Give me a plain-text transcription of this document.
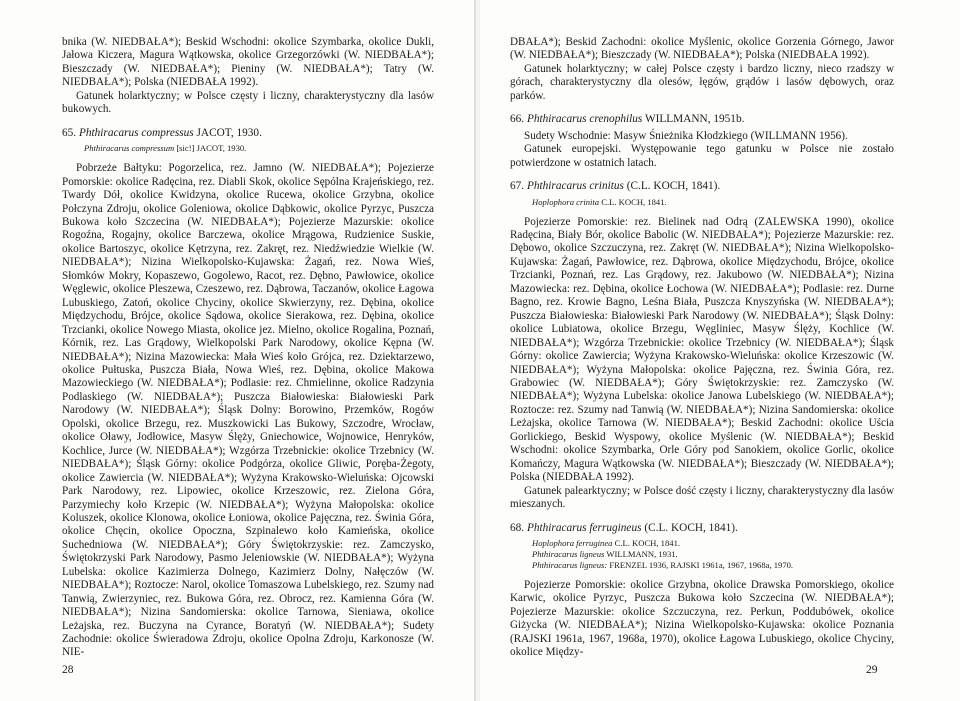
bnika (W. NIEDBAŁA*); Beskid Wschodni: okolice Szymbarka, okolice Dukli, Jałowa Kiczera, Magura Wątkowska, okolice Grzegorzówki (W. NIEDBAŁA*); Bieszczady (W. NIEDBAŁA*); Pieniny (W. NIEDBAŁA*); Tatry (W. NIEDBAŁA*); Polska (NIEDBAŁA 1992).

Gatunek holarktyczny; w Polsce częsty i liczny, charakterystyczny dla lasów bukowych.

65. Phthiracarus compressus JACOT, 1930.

Phthiracarus compressum [sic!] JACOT, 1930.

Pobrzeże Bałtyku: Pogorzelica, rez. Jamno (W. NIEDBAŁA*); Pojezierze Pomorskie: okolice Radęcina, rez. Diabli Skok, okolice Sępólna Krajeńskiego, rez. Twardy Dół, okolice Kwidzyna, okolice Rucewa, okolice Grzybna, okolice Połczyna Zdroju, okolice Goleniowa, okolice Dąbkowic, okolice Pyrzyc, Puszcza Bukowa koło Szczecina (W. NIEDBAŁA*); Pojezierze Mazurskie: okolice Rogoźna, Rogajny, okolice Barczewa, okolice Mrągowa, Rudzienice Suskie, okolice Bartoszyc, okolice Kętrzyna, rez. Zakręt, rez. Niedźwiedzie Wielkie (W. NIEDBAŁA*); Nizina Wielkopolsko-Kujawska: Żagań, rez. Nowa Wieś, Słomków Mokry, Kopaszewo, Gogolewo, Racot, rez. Dębno, Pawłowice, okolice Węglewic, okolice Pleszewa, Czeszewo, rez. Dąbrowa, Taczanów, okolice Łagowa Lubuskiego, Zatoń, okolice Chyciny, okolice Skwierzyny, rez. Dębina, okolice Międzychodu, Brójce, okolice Sądowa, okolice Sierakowa, rez. Dębina, okolice Trzcianki, okolice Nowego Miasta, okolice jez. Mielno, okolice Rogalina, Poznań, Kórnik, rez. Las Grądowy, Wielkopolski Park Narodowy, okolice Kępna (W. NIEDBAŁA*); Nizina Mazowiecka: Mała Wieś koło Grójca, rez. Dziektarzewo, okolice Pułtuska, Puszcza Biała, Nowa Wieś, rez. Dębina, okolice Makowa Mazowieckiego (W. NIEDBAŁA*); Podlasie: rez. Chmielinne, okolice Radzynia Podlaskiego (W. NIEDBAŁA*); Puszcza Białowieska: Białowieski Park Narodowy (W. NIEDBAŁA*); Śląsk Dolny: Borowino, Przemków, Rogów Opolski, okolice Brzegu, rez. Muszkowicki Las Bukowy, Szczodre, Wrocław, okolice Oławy, Jodłowice, Masyw Ślęży, Gniechowice, Wojnowice, Henryków, Kochlice, Jurce (W. NIEDBAŁA*); Wzgórza Trzebnickie: okolice Trzebnicy (W. NIEDBAŁA*); Śląsk Górny: okolice Podgórza, okolice Gliwic, Poręba-Żegoty, okolice Zawiercia (W. NIEDBAŁA*); Wyżyna Krakowsko-Wieluńska: Ojcowski Park Narodowy, rez. Lipowiec, okolice Krzeszowic, rez. Zielona Góra, Parzymiechy koło Krzepic (W. NIEDBAŁA*); Wyżyna Małopolska: okolice Koluszek, okolice Klonowa, okolice Łoniowa, okolice Pajęczna, rez. Świnia Góra, okolice Chęcin, okolice Opoczna, Szpinalewo koło Kamieńska, okolice Suchedniowa (W. NIEDBAŁA*); Góry Świętokrzyskie: rez. Zamczysko, Świętokrzyski Park Narodowy, Pasmo Jeleniowskie (W. NIEDBAŁA*); Wyżyna Lubelska: okolice Kazimierza Dolnego, Kazimierz Dolny, Nałęczów (W. NIEDBAŁA*); Roztocze: Narol, okolice Tomaszowa Lubelskiego, rez. Szumy nad Tanwią, Zwierzyniec, rez. Bukowa Góra, rez. Obrocz, rez. Kamienna Góra (W. NIEDBAŁA*); Nizina Sandomierska: okolice Tarnowa, Sieniawa, okolice Leżajska, rez. Buczyna na Cyrance, Boratyń (W. NIEDBAŁA*); Sudety Zachodnie: okolice Świeradowa Zdroju, okolice Opolna Zdroju, Karkonosze (W. NIE-

28

DBAŁA*); Beskid Zachodni: okolice Myślenic, okolice Gorzenia Górnego, Jawor (W. NIEDBAŁA*); Bieszczady (W. NIEDBAŁA*); Polska (NIEDBAŁA 1992).

Gatunek holarktyczny; w całej Polsce częsty i bardzo liczny, nieco rzadszy w górach, charakterystyczny dla olesów, łęgów, grądów i lasów dębowych, oraz parków.

66. Phthiracarus crenophilus WILLMANN, 1951b.

Sudety Wschodnie: Masyw Śnieżnika Kłodzkiego (WILLMANN 1956).

Gatunek europejski. Występowanie tego gatunku w Polsce nie zostało potwierdzone w ostatnich latach.

67. Phthiracarus crinitus (C.L. KOCH, 1841).

Hoplophora crinita C.L. KOCH, 1841.

Pojezierze Pomorskie: rez. Bielinek nad Odrą (ZALEWSKA 1990), okolice Radęcina, Biały Bór, okolice Babolic (W. NIEDBAŁA*); Pojezierze Mazurskie: rez. Dębowo, okolice Szczuczyna, rez. Zakręt (W. NIEDBAŁA*); Nizina Wielkopolsko-Kujawska: Żagań, Pawłowice, rez. Dąbrowa, okolice Międzychodu, Brójce, okolice Trzcianki, Poznań, rez. Las Grądowy, rez. Jakubowo (W. NIEDBAŁA*); Nizina Mazowiecka: rez. Dębina, okolice Łochowa (W. NIEDBAŁA*); Podlasie: rez. Durne Bagno, rez. Krowie Bagno, Leśna Biała, Puszcza Knyszyńska (W. NIEDBAŁA*); Puszcza Białowieska: Białowieski Park Narodowy (W. NIEDBAŁA*); Śląsk Dolny: okolice Lubiatowa, okolice Brzegu, Węgliniec, Masyw Ślęży, Kochlice (W. NIEDBAŁA*); Wzgórza Trzebnickie: okolice Trzebnicy (W. NIEDBAŁA*); Śląsk Górny: okolice Zawiercia; Wyżyna Krakowsko-Wieluńska: okolice Krzeszowic (W. NIEDBAŁA*); Wyżyna Małopolska: okolice Pajęczna, rez. Świnia Góra, rez. Grabowiec (W. NIEDBAŁA*); Góry Świętokrzyskie: rez. Zamczysko (W. NIEDBAŁA*); Wyżyna Lubelska: okolice Janowa Lubelskiego (W. NIEDBAŁA*); Roztocze: rez. Szumy nad Tanwią (W. NIEDBAŁA*); Nizina Sandomierska: okolice Leżajska, okolice Tarnowa (W. NIEDBAŁA*); Beskid Zachodni: okolice Uścia Gorlickiego, Beskid Wyspowy, okolice Myślenic (W. NIEDBAŁA*); Beskid Wschodni: okolice Szymbarka, Orle Góry pod Sanokiem, okolice Gorlic, okolice Komańczy, Magura Wątkowska (W. NIEDBAŁA*); Bieszczady (W. NIEDBAŁA*); Polska (NIEDBAŁA 1992).

Gatunek palearktyczny; w Polsce dość częsty i liczny, charakterystyczny dla lasów mieszanych.

68. Phthiracarus ferrugineus (C.L. KOCH, 1841).

Hoplophora ferruginea C.L. KOCH, 1841.
Phthiracarus ligneus WILLMANN, 1931.
Phthiracarus ligneus: FRENZEL 1936, RAJSKI 1961a, 1967, 1968a, 1970.

Pojezierze Pomorskie: okolice Grzybna, okolice Drawska Pomorskiego, okolice Karwic, okolice Pyrzyc, Puszcza Bukowa koło Szczecina (W. NIEDBAŁA*); Pojezierze Mazurskie: okolice Szczuczyna, rez. Perkun, Poddubówek, okolice Giżycka (W. NIEDBAŁA*); Nizina Wielkopolsko-Kujawska: okolice Poznania (RAJSKI 1961a, 1967, 1968a, 1970), okolice Łagowa Lubuskiego, okolice Chyciny, okolice Między-

29
